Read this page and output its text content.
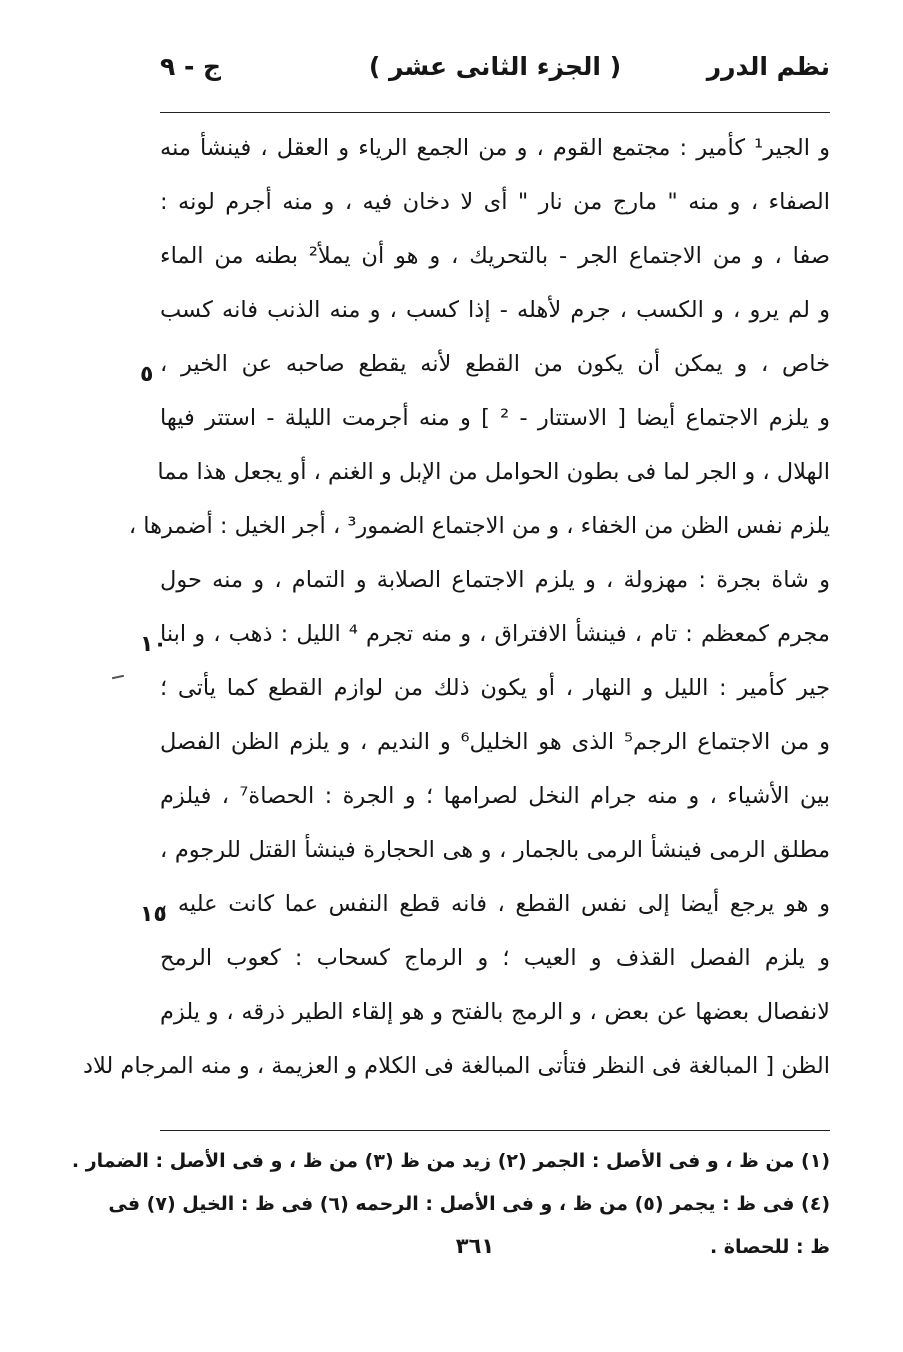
نظم الدرر
( الجزء الثانى عشر )
ج - ٩
و الجير¹ كأمير : مجتمع القوم ، و من الجمع الرياء و العقل ، فينشأ منه
الصفاء ، و منه " مارج من نار " أى لا دخان فيه ، و منه أجرم لونه :
صفا ، و من الاجتماع الجر - بالتحريك ، و هو أن يملأ² بطنه من الماء
و لم يرو ، و الكسب ، جرم لأهله - إذا كسب ، و منه الذنب فانه كسب
خاص ، و يمكن أن يكون من القطع لأنه يقطع صاحبه عن الخير ،
و يلزم الاجتماع أيضا [ الاستتار - ² ] و منه أجرمت الليلة - استتر فيها
الهلال ، و الجر لما فى بطون الحوامل من الإبل و الغنم ، أو يجعل هذا مما
يلزم نفس الظن من الخفاء ، و من الاجتماع الضمور³ ، أجر الخيل : أضمرها ،
و شاة بجرة : مهزولة ، و يلزم الاجتماع الصلابة و التمام ، و منه حول
مجرم كمعظم : تام ، فينشأ الافتراق ، و منه تجرم ⁴ الليل : ذهب ، و ابنا
جير كأمير : الليل و النهار ، أو يكون ذلك من لوازم القطع كما يأتى ؛
و من الاجتماع الرجم⁵ الذى هو الخليل⁶ و النديم ، و يلزم الظن الفصل
بين الأشياء ، و منه جرام النخل لصرامها ؛ و الجرة : الحصاة⁷ ، فيلزم
مطلق الرمى فينشأ الرمى بالجمار ، و هى الحجارة فينشأ القتل للرجوم ،
و هو يرجع أيضا إلى نفس القطع ، فانه قطع النفس عما كانت عليه ،
و يلزم الفصل القذف و العيب ؛ و الرماج كسحاب : كعوب الرمح
لانفصال بعضها عن بعض ، و الرمج بالفتح و هو إلقاء الطير ذرقه ، و يلزم
الظن [ المبالغة فى النظر فتأتى المبالغة فى الكلام و العزيمة ، و منه المرجام للاد
٥
١٠
١٥
(١) من ظ ، و فى الأصل : الجمر (٢) زيد من ظ (٣) من ظ ، و فى الأصل : الضمار .
(٤) فى ظ : يجمر (٥) من ظ ، و فى الأصل : الرحمه (٦) فى ظ : الخيل (٧) فى
ظ : للحصاة .
٣٦١
